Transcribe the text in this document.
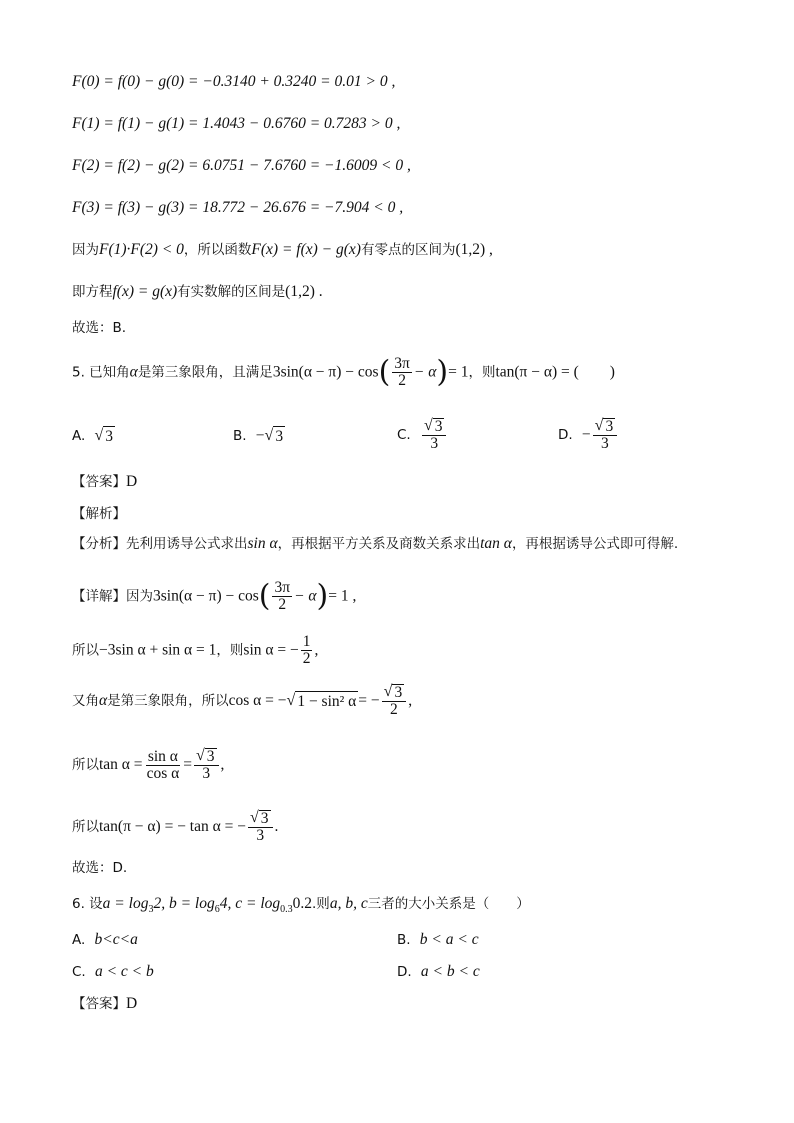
F(0) = f(0) − g(0) = −0.3140 + 0.3240 = 0.01 > 0 ,
F(1) = f(1) − g(1) = 1.4043 − 0.6760 = 0.7283 > 0 ,
F(2) = f(2) − g(2) = 6.0751 − 7.6760 = −1.6009 < 0 ,
F(3) = f(3) − g(3) = 18.772 − 26.676 = −7.904 < 0 ,
因为F(1)·F(2) < 0，所以函数F(x) = f(x) − g(x)有零点的区间为(1,2) ,
即方程f(x) = g(x)有实数解的区间是(1,2) .
故选：B.
5. 已知角α是第三象限角，且满足$3\sin(\alpha - \pi) - \cos( \frac{3\pi}{2} - \alpha)= 1$，则tan(π − α) = (　　)
A. √ 3	B. − √ 3	C. $\frac{√ 3}{3}$	D. − $\frac{√ 3}{3}$
【答案】D
【解析】
【分析】先利用诱导公式求出sin α，再根据平方关系及商数关系求出tan α，再根据诱导公式即可得解.
【详解】因为$3\sin(\alpha - \pi) - \cos( \frac{3\pi}{2} - \alpha)= 1$ ,
所以−3sin α + sin α = 1，则sin α = − $\frac{1}{2}$ ,
又角α是第三象限角，所以cos α = − √ 1 − sin² α = − $\frac{√ 3}{2}$ ,
所以$\tan \alpha = \frac{\text{sin α}}{\text{cos α}} = \frac{√ 3}{3}$ ,
所以tan(π − α) = − tan α = − $\frac{√ 3}{3}$ .
故选：D.
6. 设$a = \log_32$, $b = \log_64$, $c = \log_{0.3}0.2$.则a, b, c三者的大小关系是（　　）
A. b<c<a	B. b < a < c
C. a < c < b	D. a < b < c
【答案】D
